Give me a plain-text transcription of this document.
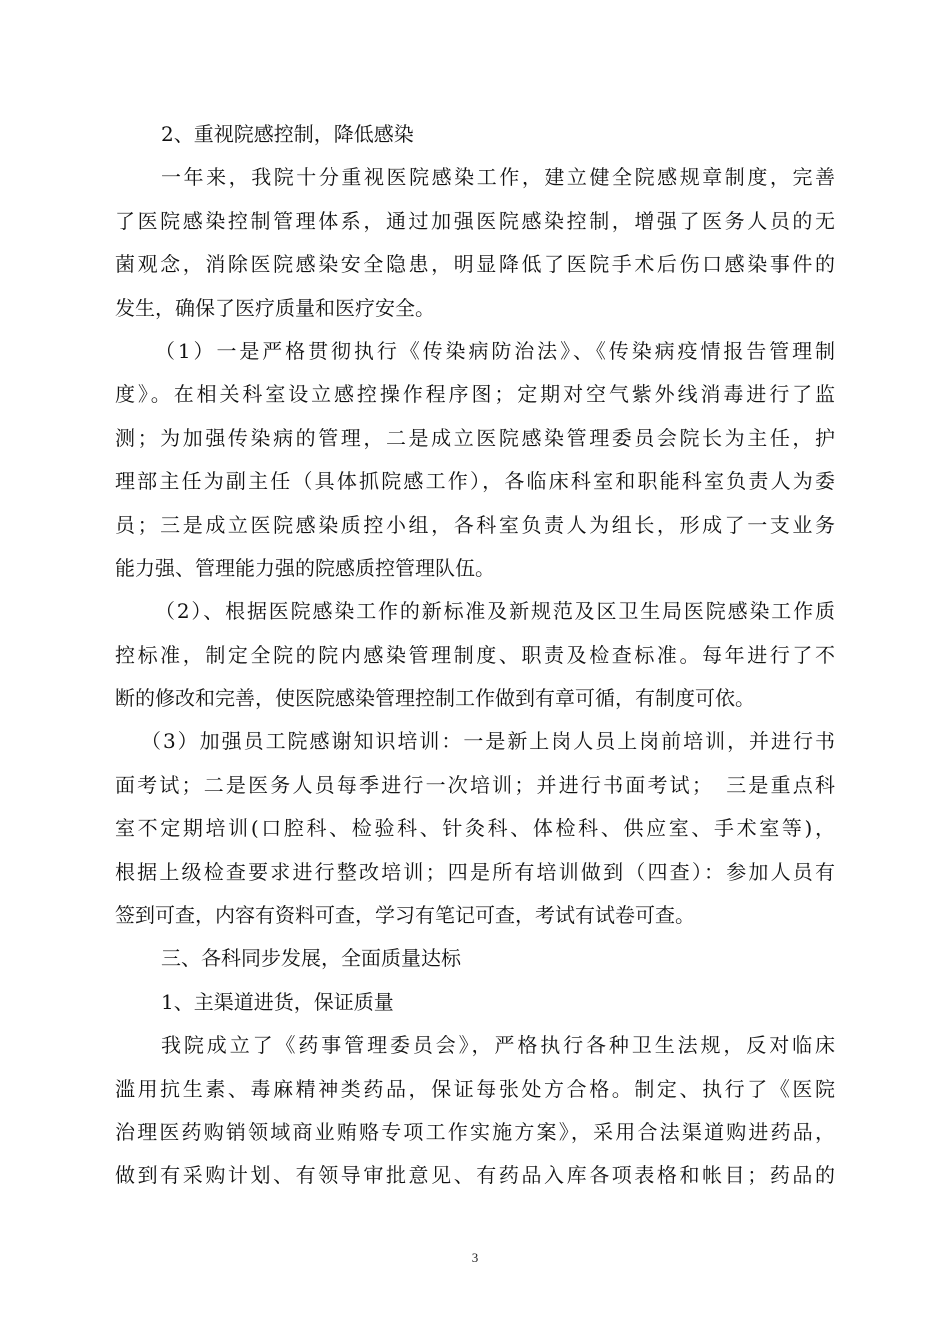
2、重视院感控制，降低感染
一年来，我院十分重视医院感染工作，建立健全院感规章制度，完善
了医院感染控制管理体系，通过加强医院感染控制，增强了医务人员的无
菌观念，消除医院感染安全隐患，明显降低了医院手术后伤口感染事件的
发生，确保了医疗质量和医疗安全。
（1）一是严格贯彻执行《传染病防治法》、《传染病疫情报告管理制
度》。在相关科室设立感控操作程序图；定期对空气紫外线消毒进行了监
测；为加强传染病的管理，二是成立医院感染管理委员会院长为主任，护
理部主任为副主任（具体抓院感工作），各临床科室和职能科室负责人为委
员；三是成立医院感染质控小组，各科室负责人为组长，形成了一支业务
能力强、管理能力强的院感质控管理队伍。
（2）、根据医院感染工作的新标准及新规范及区卫生局医院感染工作质
控标准，制定全院的院内感染管理制度、职责及检查标准。每年进行了不
断的修改和完善，使医院感染管理控制工作做到有章可循，有制度可依。
（3）加强员工院感谢知识培训：一是新上岗人员上岗前培训，并进行书
面考试；二是医务人员每季进行一次培训；并进行书面考试；　三是重点科
室不定期培训(口腔科、检验科、针灸科、体检科、供应室、手术室等)，
根据上级检查要求进行整改培训；四是所有培训做到（四查）：参加人员有
签到可查，内容有资料可查，学习有笔记可查，考试有试卷可查。
三、各科同步发展，全面质量达标
1、主渠道进货，保证质量
我院成立了《药事管理委员会》，严格执行各种卫生法规，反对临床
滥用抗生素、毒麻精神类药品，保证每张处方合格。制定、执行了《医院
治理医药购销领域商业贿赂专项工作实施方案》，采用合法渠道购进药品，
做到有采购计划、有领导审批意见、有药品入库各项表格和帐目；药品的
3
